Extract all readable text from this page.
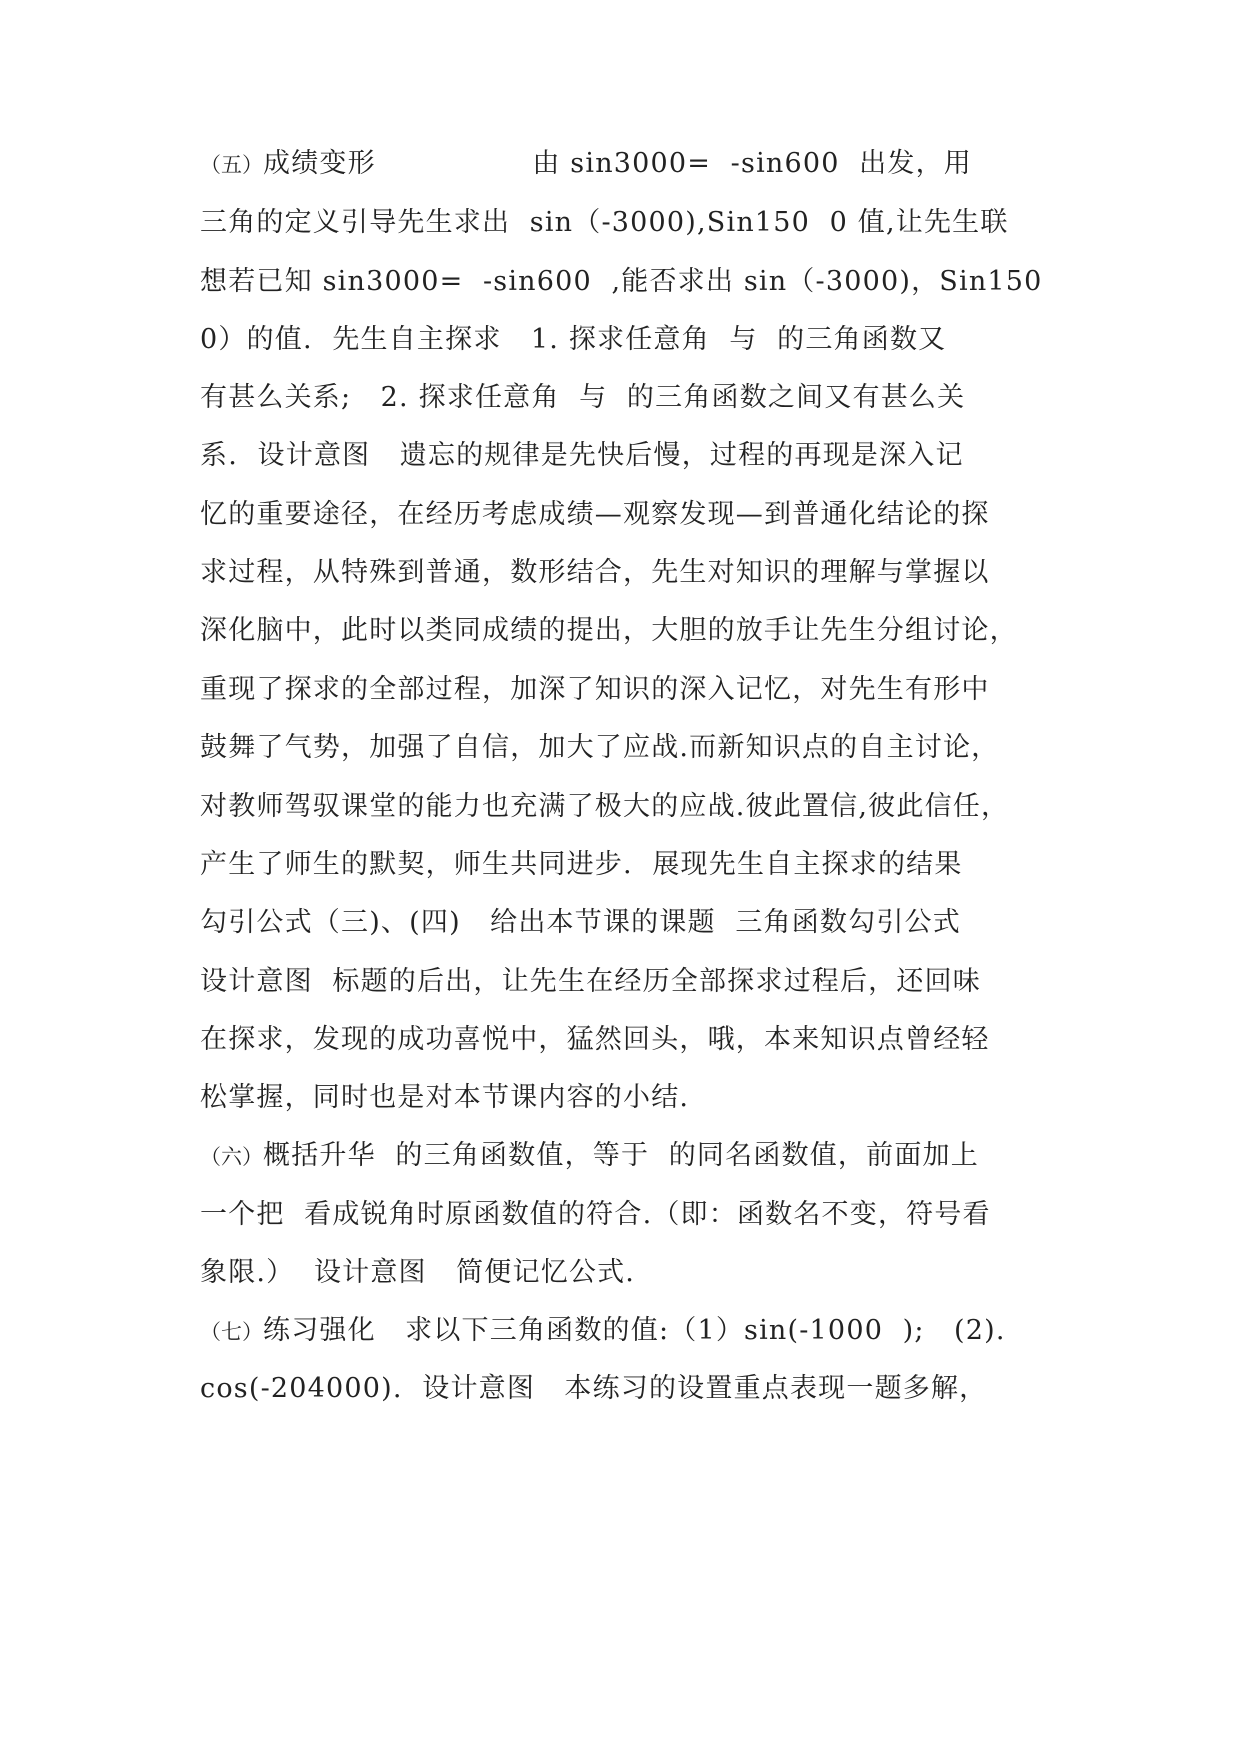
（五）成绩变形                由 sin3000=  -sin600  出发，用
三角的定义引导先生求出  sin（-3000),Sin150  0 值,让先生联
想若已知 sin3000=  -sin600  ,能否求出 sin（-3000)，Sin150
0）的值.  先生自主探求   1. 探求任意角  与  的三角函数又
有甚么关系;   2. 探求任意角  与  的三角函数之间又有甚么关
系.  设计意图   遗忘的规律是先快后慢，过程的再现是深入记
忆的重要途径，在经历考虑成绩—观察发现—到普通化结论的探
求过程，从特殊到普通，数形结合，先生对知识的理解与掌握以
深化脑中，此时以类同成绩的提出，大胆的放手让先生分组讨论，
重现了探求的全部过程，加深了知识的深入记忆，对先生有形中
鼓舞了气势，加强了自信，加大了应战.而新知识点的自主讨论，
对教师驾驭课堂的能力也充满了极大的应战.彼此置信,彼此信任，
产生了师生的默契，师生共同进步.  展现先生自主探求的结果
勾引公式（三)、(四)   给出本节课的课题  三角函数勾引公式
设计意图  标题的后出，让先生在经历全部探求过程后，还回味
在探求，发现的成功喜悦中，猛然回头，哦，本来知识点曾经轻
松掌握，同时也是对本节课内容的小结.
（六）概括升华  的三角函数值，等于  的同名函数值，前面加上
一个把  看成锐角时原函数值的符合.（即：函数名不变，符号看
象限.）  设计意图   简便记忆公式.
（七）练习强化   求以下三角函数的值:（1）sin(-1000  );   (2).
cos(-204000).  设计意图   本练习的设置重点表现一题多解，
